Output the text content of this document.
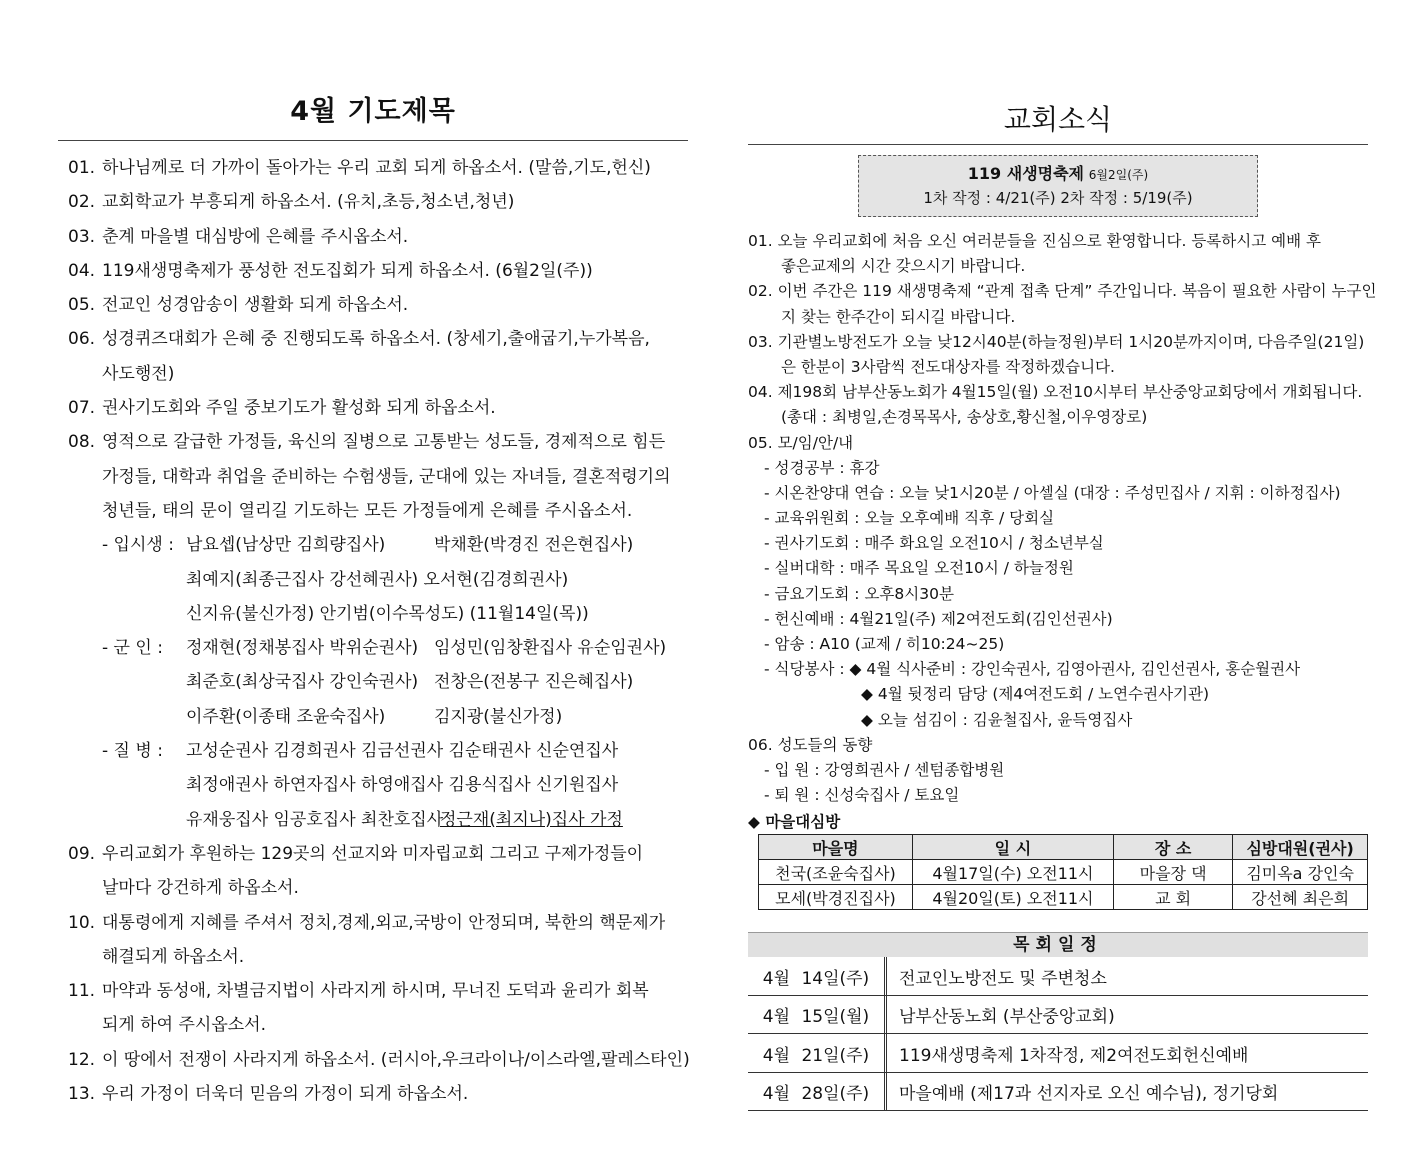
4월 기도제목
01. 하나님께로 더 가까이 돌아가는 우리 교회 되게 하옵소서. (말씀,기도,헌신)
02. 교회학교가 부흥되게 하옵소서. (유치,초등,청소년,청년)
03. 춘계 마을별 대심방에 은혜를 주시옵소서.
04. 119새생명축제가 풍성한 전도집회가 되게 하옵소서. (6월2일(주))
05. 전교인 성경암송이 생활화 되게 하옵소서.
06. 성경퀴즈대회가 은혜 중 진행되도록 하옵소서. (창세기,출애굽기,누가복음,
사도행전)
07. 권사기도회와 주일 중보기도가 활성화 되게 하옵소서.
08. 영적으로 갈급한 가정들, 육신의 질병으로 고통받는 성도들, 경제적으로 힘든
가정들, 대학과 취업을 준비하는 수험생들, 군대에 있는 자녀들, 결혼적령기의
청년들, 태의 문이 열리길 기도하는 모든 가정들에게 은혜를 주시옵소서.
- 입시생 : 남요셉(남상만 김희량집사)	박채환(박경진 전은현집사)
최예지(최종근집사 강선혜권사) 오서현(김경희권사)
신지유(불신가정) 안기범(이수목성도) (11월14일(목))
- 군 인 : 정재현(정채봉집사 박위순권사) 임성민(임창환집사 유순임권사)
최준호(최상국집사 강인숙권사) 전창은(전봉구 진은혜집사)
이주환(이종태 조윤숙집사)	김지광(불신가정)
- 질 병 : 고성순권사 김경희권사 김금선권사 김순태권사 신순연집사
최정애권사 하연자집사 하영애집사 김용식집사 신기원집사
유재웅집사 임공호집사 최찬호집사
정근재(최지나)집사 가정
09. 우리교회가 후원하는 129곳의 선교지와 미자립교회 그리고 구제가정들이
날마다 강건하게 하옵소서.
10. 대통령에게 지혜를 주셔서 정치,경제,외교,국방이 안정되며, 북한의 핵문제가
해결되게 하옵소서.
11. 마약과 동성애, 차별금지법이 사라지게 하시며, 무너진 도덕과 윤리가 회복
되게 하여 주시옵소서.
12. 이 땅에서 전쟁이 사라지게 하옵소서. (러시아,우크라이나/이스라엘,팔레스타인)
13. 우리 가정이 더욱더 믿음의 가정이 되게 하옵소서.
교회소식
119 새생명축제 6월2일(주)
1차 작정 : 4/21(주) 2차 작정 : 5/19(주)
01. 오늘 우리교회에 처음 오신 여러분들을 진심으로 환영합니다. 등록하시고 예배 후
좋은교제의 시간 갖으시기 바랍니다.
02. 이번 주간은 119 새생명축제 “관계 접촉 단계” 주간입니다. 복음이 필요한 사람이 누구인
지 찾는 한주간이 되시길 바랍니다.
03. 기관별노방전도가 오늘 낮12시40분(하늘정원)부터 1시20분까지이며, 다음주일(21일)
은 한분이 3사람씩 전도대상자를 작정하겠습니다.
04. 제198회 남부산동노회가 4월15일(월) 오전10시부터 부산중앙교회당에서 개회됩니다.
(총대 : 최병일,손경목목사, 송상호,황신철,이우영장로)
05. 모/임/안/내
- 성경공부 : 휴강
- 시온찬양대 연습 : 오늘 낮1시20분 / 아셀실 (대장 : 주성민집사 / 지휘 : 이하정집사)
- 교육위원회 : 오늘 오후예배 직후 / 당회실
- 권사기도회 : 매주 화요일 오전10시 / 청소년부실
- 실버대학 : 매주 목요일 오전10시 / 하늘정원
- 금요기도회 : 오후8시30분
- 헌신예배 : 4월21일(주) 제2여전도회(김인선권사)
- 암송 : A10 (교제 / 히10:24~25)
- 식당봉사 : ◆ 4월 식사준비 : 강인숙권사, 김영아권사, 김인선권사, 홍순월권사
◆ 4월 뒷정리 담당 (제4여전도회 / 노연수권사기관)
◆ 오늘 섬김이 : 김윤철집사, 윤득영집사
06. 성도들의 동향
- 입 원 : 강영희권사 / 센텀종합병원
- 퇴 원 : 신성숙집사 / 토요일
◆ 마을대심방
마을명	일 시	장 소	심방대원(권사)
천국(조윤숙집사)	4월17일(수) 오전11시	마을장 댁	김미옥a 강인숙
모세(박경진집사)	4월20일(토) 오전11시	교 회	강선혜 최은희
목회일정
4월 14일(주)	전교인노방전도 및 주변청소
4월 15일(월)	남부산동노회 (부산중앙교회)
4월 21일(주)	119새생명축제 1차작정, 제2여전도회헌신예배
4월 28일(주)	마을예배 (제17과 선지자로 오신 예수님), 정기당회
